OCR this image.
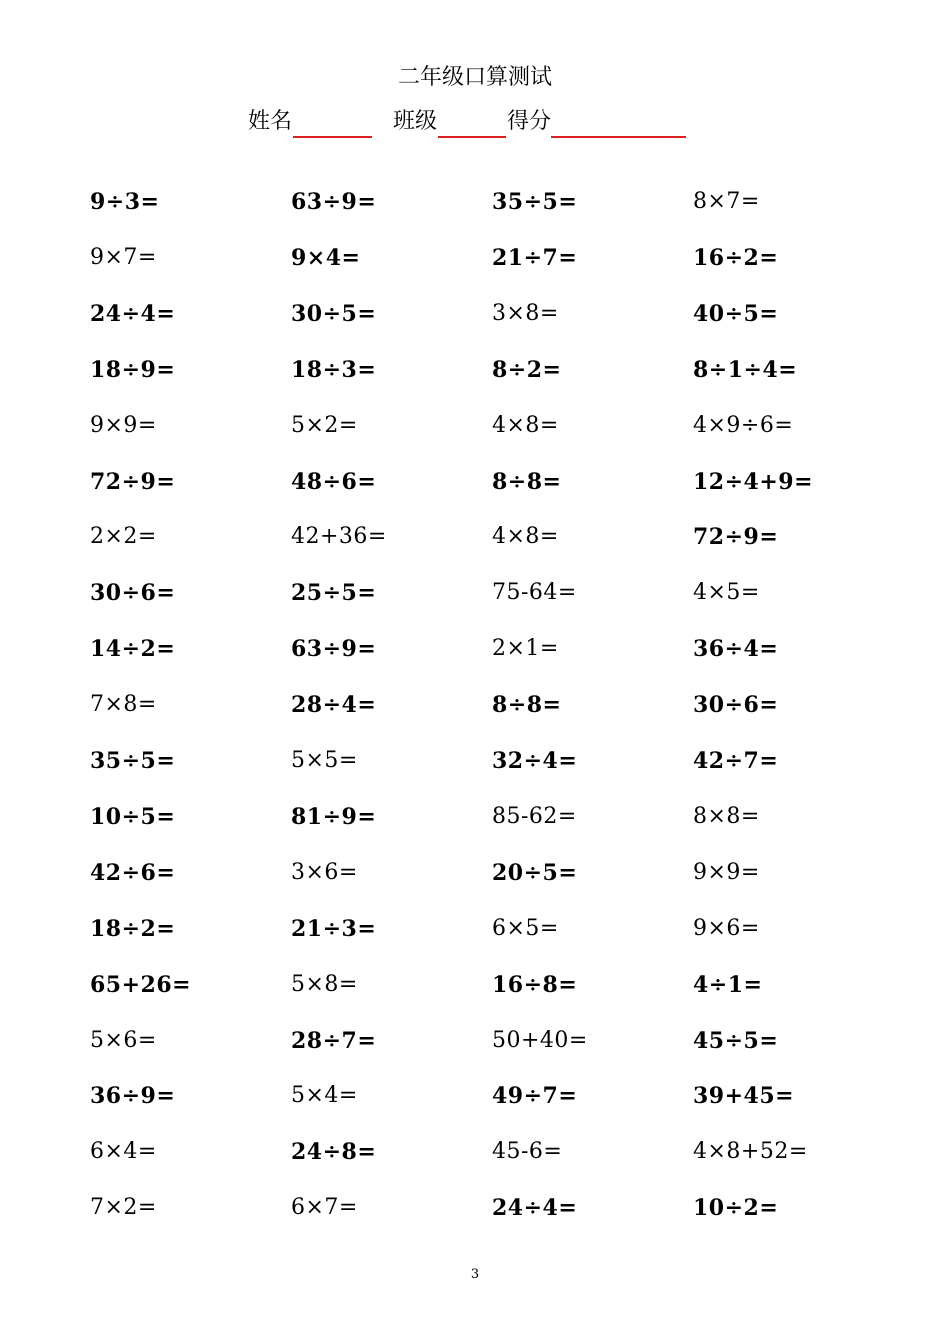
二年级口算测试
姓名	班级	得分
9÷3=	63÷9=	35÷5=	8×7=
9×7=	9×4=	21÷7=	16÷2=
24÷4=	30÷5=	3×8=	40÷5=
18÷9=	18÷3=	8÷2=	8÷1÷4=
9×9=	5×2=	4×8=	4×9÷6=
72÷9=	48÷6=	8÷8=	12÷4+9=
2×2=	42+36=	4×8=	72÷9=
30÷6=	25÷5=	75-64=	4×5=
14÷2=	63÷9=	2×1=	36÷4=
7×8=	28÷4=	8÷8=	30÷6=
35÷5=	5×5=	32÷4=	42÷7=
10÷5=	81÷9=	85-62=	8×8=
42÷6=	3×6=	20÷5=	9×9=
18÷2=	21÷3=	6×5=	9×6=
65+26=	5×8=	16÷8=	4÷1=
5×6=	28÷7=	50+40=	45÷5=
36÷9=	5×4=	49÷7=	39+45=
6×4=	24÷8=	45-6=	4×8+52=
7×2=	6×7=	24÷4=	10÷2=
3
